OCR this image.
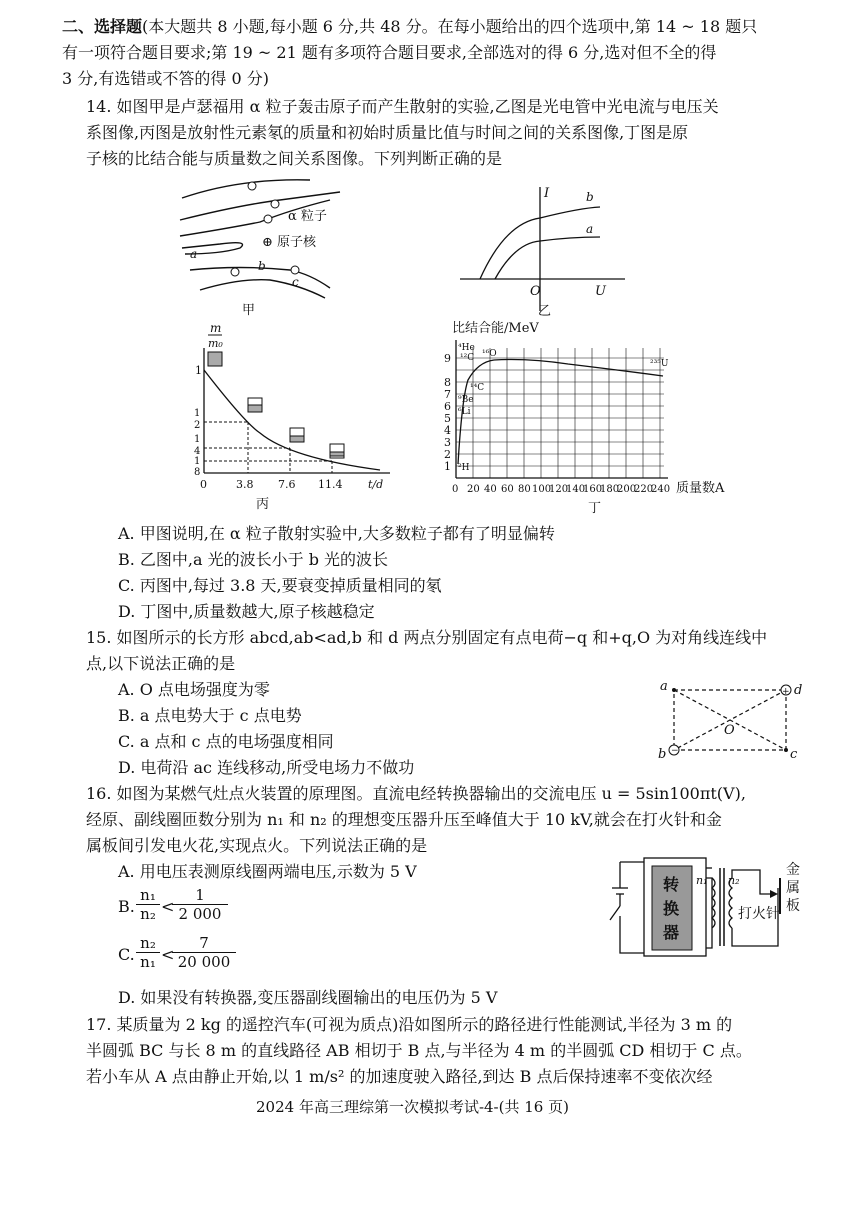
二、选择题(本大题共 8 小题,每小题 6 分,共 48 分。在每小题给出的四个选项中,第 14 ~ 18 题只
有一项符合题目要求;第 19 ~ 21 题有多项符合题目要求,全部选对的得 6 分,选对但不全的得
3 分,有选错或不答的得 0 分)
14. 如图甲是卢瑟福用 α 粒子轰击原子而产生散射的实验,乙图是光电管中光电流与电压关
系图像,丙图是放射性元素氡的质量和初始时质量比值与时间之间的关系图像,丁图是原
子核的比结合能与质量数之间关系图像。下列判断正确的是
α 粒子
⊕ 原子核
a
b
c
甲
I	b
a
O	U
乙
m
m₀
1
1
2
1
4
1
8
0	3.8 7.6 11.4 t/d
丙
比结合能/MeV
⁴He
¹²C ¹⁶O
¹⁴C
⁹Be
⁶Li
²H
²³⁵U
1
2
3
4
5
6
7
8
9
0 20 40 60 80 100
120
140
160
180
200
220
240 质量数A
丁
A. 甲图说明,在 α 粒子散射实验中,大多数粒子都有了明显偏转
B. 乙图中,a 光的波长小于 b 光的波长
C. 丙图中,每过 3.8 天,要衰变掉质量相同的氡
D. 丁图中,质量数越大,原子核越稳定
15. 如图所示的长方形 abcd,ab<ad,b 和 d 两点分别固定有点电荷−q 和+q,O 为对角线连线中
点,以下说法正确的是
A. O 点电场强度为零
B. a 点电势大于 c 点电势
C. a 点和 c 点的电场强度相同
D. 电荷沿 ac 连线移动,所受电场力不做功
+
−
a	d
b	c
O
16. 如图为某燃气灶点火装置的原理图。直流电经转换器输出的交流电压 u = 5sin100πt(V),
经原、副线圈匝数分别为 n₁ 和 n₂ 的理想变压器升压至峰值大于 10 kV,就会在打火针和金
属板间引发电火花,实现点火。下列说法正确的是
A. 用电压表测原线圈两端电压,示数为 5 V
B. $\frac{\text{n₁}}{\text{n₂}}$ <
$\frac{1}{2 000}$
C. $\frac{\text{n₂}}{\text{n₁}}$ <
$\frac{7}{20 000}$
D. 如果没有转换器,变压器副线圈输出的电压仍为 5 V
转
换
器
n₁ n₂
打火针
金
属
板
17. 某质量为 2 kg 的遥控汽车(可视为质点)沿如图所示的路径进行性能测试,半径为 3 m 的
半圆弧 BC 与长 8 m 的直线路径 AB 相切于 B 点,与半径为 4 m 的半圆弧 CD 相切于 C 点。
若小车从 A 点由静止开始,以 1 m/s² 的加速度驶入路径,到达 B 点后保持速率不变依次经
2024 年高三理综第一次模拟考试-4-(共 16 页)
